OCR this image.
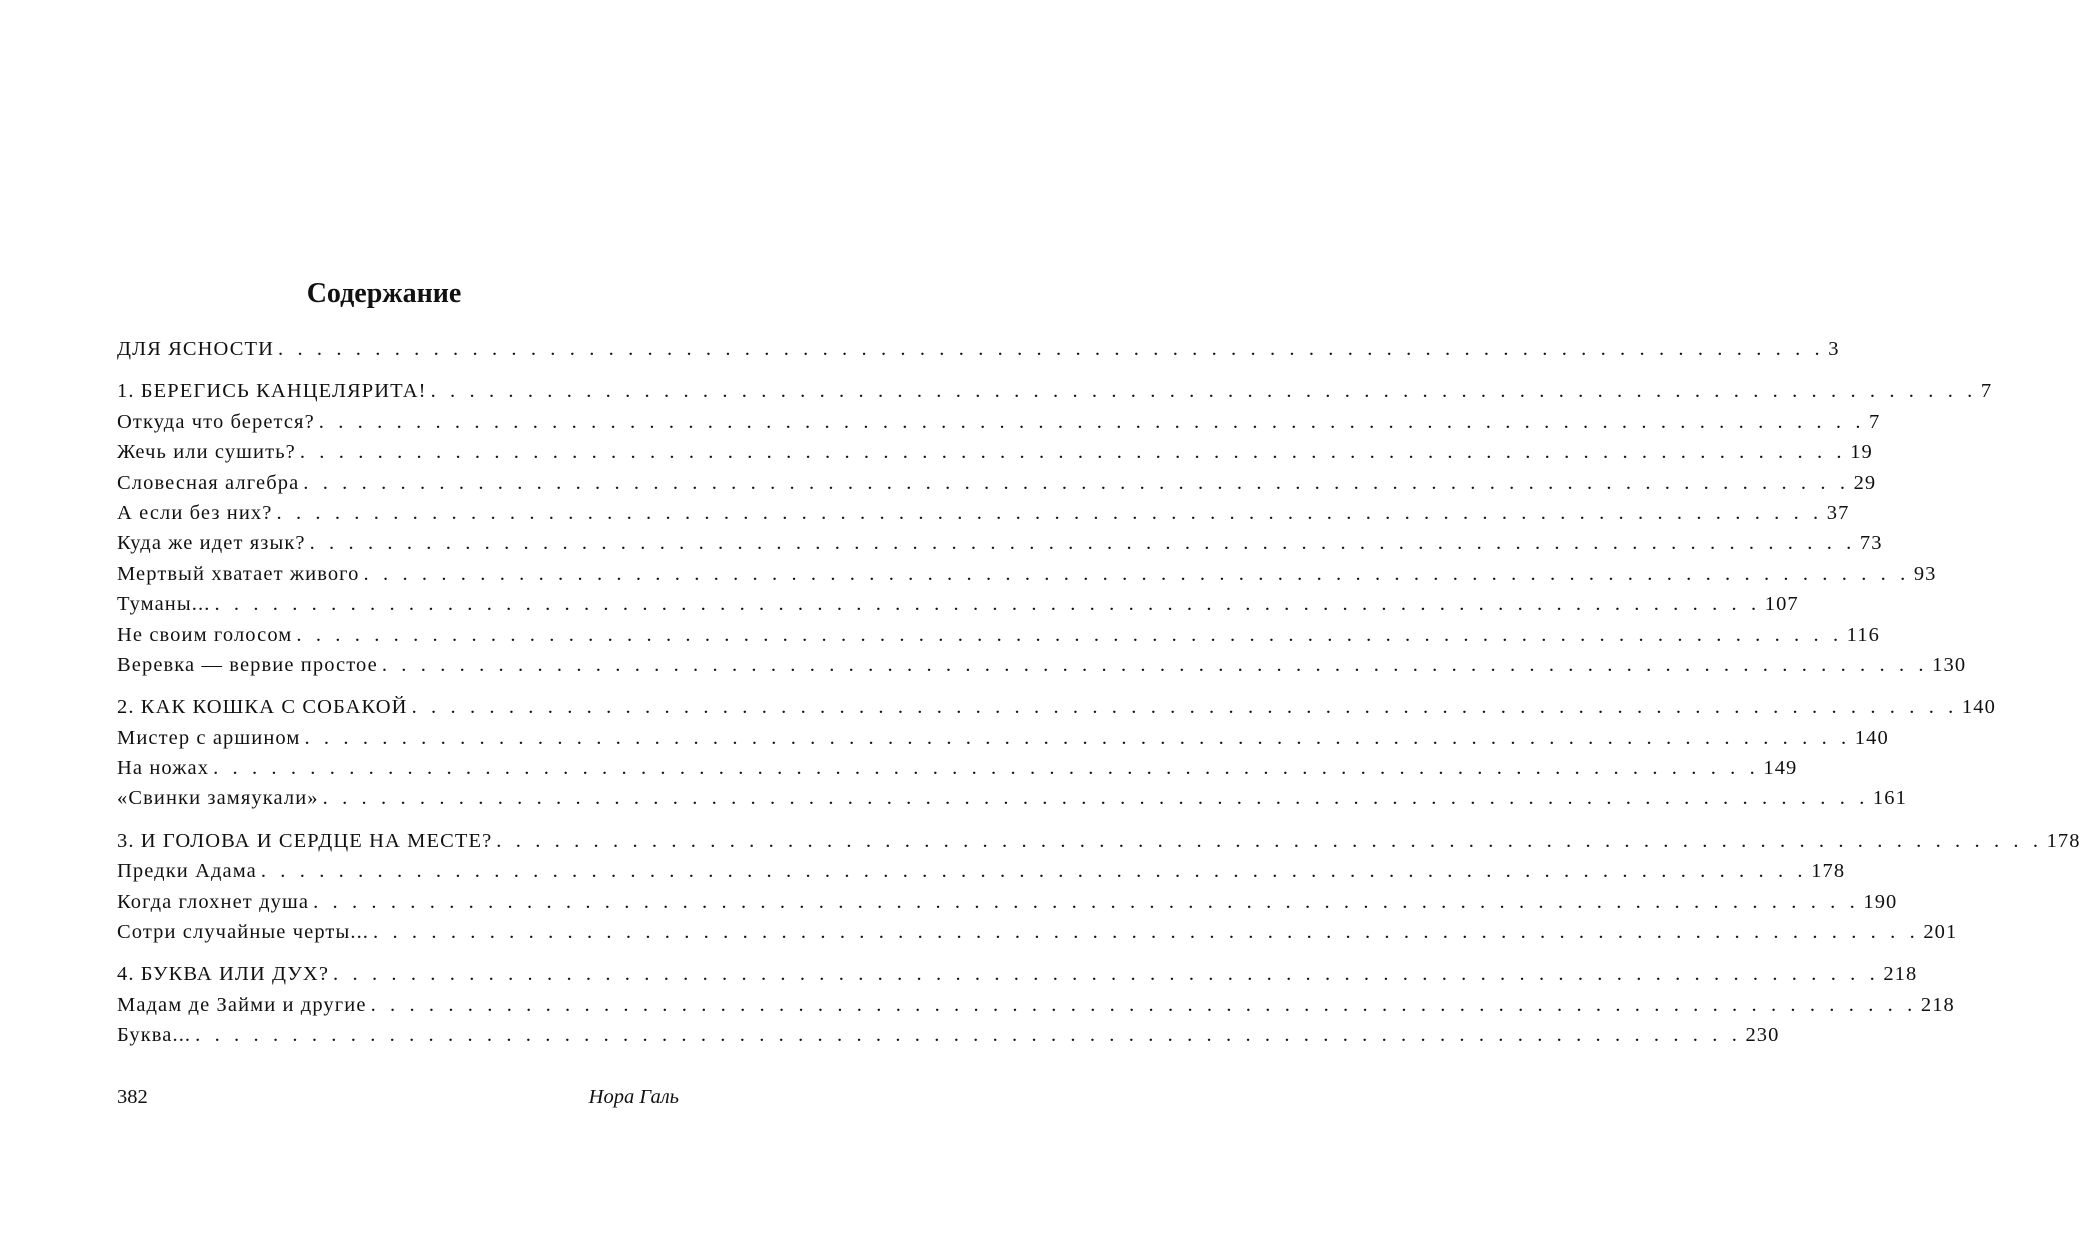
Содержание
ДЛЯ ЯСНОСТИ . . . . . . . . . . . . . . . . . . . . . . . . . . . . . . . . . . . . . . . . . . . . . . . . . . . . . . . . . . . . . . . . . . . . . . . . . . . . . . . . 3
1. БЕРЕГИСЬ КАНЦЕЛЯРИТА! . . . . . . . . . . . . . . . . . . . . . . . . . . . . . . . . . . . . . . . . . . . . . . . . . . . . . . . . . . . . . . . . . . . . . . . . . . . . . . . . 7
Откуда что берется? . . . . . . . . . . . . . . . . . . . . . . . . . . . . . . . . . . . . . . . . . . . . . . . . . . . . . . . . . . . . . . . . . . . . . . . . . . . . . . . . 7
Жечь или сушить? . . . . . . . . . . . . . . . . . . . . . . . . . . . . . . . . . . . . . . . . . . . . . . . . . . . . . . . . . . . . . . . . . . . . . . . . . . . . . . . . 19
Словесная алгебра . . . . . . . . . . . . . . . . . . . . . . . . . . . . . . . . . . . . . . . . . . . . . . . . . . . . . . . . . . . . . . . . . . . . . . . . . . . . . . . . 29
А если без них? . . . . . . . . . . . . . . . . . . . . . . . . . . . . . . . . . . . . . . . . . . . . . . . . . . . . . . . . . . . . . . . . . . . . . . . . . . . . . . . . 37
Куда же идет язык? . . . . . . . . . . . . . . . . . . . . . . . . . . . . . . . . . . . . . . . . . . . . . . . . . . . . . . . . . . . . . . . . . . . . . . . . . . . . . . . . 73
Мертвый хватает живого . . . . . . . . . . . . . . . . . . . . . . . . . . . . . . . . . . . . . . . . . . . . . . . . . . . . . . . . . . . . . . . . . . . . . . . . . . . . . . . . 93
Туманы... . . . . . . . . . . . . . . . . . . . . . . . . . . . . . . . . . . . . . . . . . . . . . . . . . . . . . . . . . . . . . . . . . . . . . . . . . . . . . . . . 107
Не своим голосом . . . . . . . . . . . . . . . . . . . . . . . . . . . . . . . . . . . . . . . . . . . . . . . . . . . . . . . . . . . . . . . . . . . . . . . . . . . . . . . . 116
Веревка — вервие простое . . . . . . . . . . . . . . . . . . . . . . . . . . . . . . . . . . . . . . . . . . . . . . . . . . . . . . . . . . . . . . . . . . . . . . . . . . . . . . . . 130
2. КАК КОШКА С СОБАКОЙ . . . . . . . . . . . . . . . . . . . . . . . . . . . . . . . . . . . . . . . . . . . . . . . . . . . . . . . . . . . . . . . . . . . . . . . . . . . . . . . . 140
Мистер с аршином . . . . . . . . . . . . . . . . . . . . . . . . . . . . . . . . . . . . . . . . . . . . . . . . . . . . . . . . . . . . . . . . . . . . . . . . . . . . . . . . 140
На ножах . . . . . . . . . . . . . . . . . . . . . . . . . . . . . . . . . . . . . . . . . . . . . . . . . . . . . . . . . . . . . . . . . . . . . . . . . . . . . . . . 149
«Свинки замяукали» . . . . . . . . . . . . . . . . . . . . . . . . . . . . . . . . . . . . . . . . . . . . . . . . . . . . . . . . . . . . . . . . . . . . . . . . . . . . . . . . 161
3. И ГОЛОВА И СЕРДЦЕ НА МЕСТЕ? . . . . . . . . . . . . . . . . . . . . . . . . . . . . . . . . . . . . . . . . . . . . . . . . . . . . . . . . . . . . . . . . . . . . . . . . . . . . . . . . 178
Предки Адама . . . . . . . . . . . . . . . . . . . . . . . . . . . . . . . . . . . . . . . . . . . . . . . . . . . . . . . . . . . . . . . . . . . . . . . . . . . . . . . . 178
Когда глохнет душа . . . . . . . . . . . . . . . . . . . . . . . . . . . . . . . . . . . . . . . . . . . . . . . . . . . . . . . . . . . . . . . . . . . . . . . . . . . . . . . . 190
Сотри случайные черты... . . . . . . . . . . . . . . . . . . . . . . . . . . . . . . . . . . . . . . . . . . . . . . . . . . . . . . . . . . . . . . . . . . . . . . . . . . . . . . . . 201
4. БУКВА ИЛИ ДУХ? . . . . . . . . . . . . . . . . . . . . . . . . . . . . . . . . . . . . . . . . . . . . . . . . . . . . . . . . . . . . . . . . . . . . . . . . . . . . . . . . 218
Мадам де Займи и другие . . . . . . . . . . . . . . . . . . . . . . . . . . . . . . . . . . . . . . . . . . . . . . . . . . . . . . . . . . . . . . . . . . . . . . . . . . . . . . . . 218
Буква... . . . . . . . . . . . . . . . . . . . . . . . . . . . . . . . . . . . . . . . . . . . . . . . . . . . . . . . . . . . . . . . . . . . . . . . . . . . . . . . . 230
382	Нора Галь
